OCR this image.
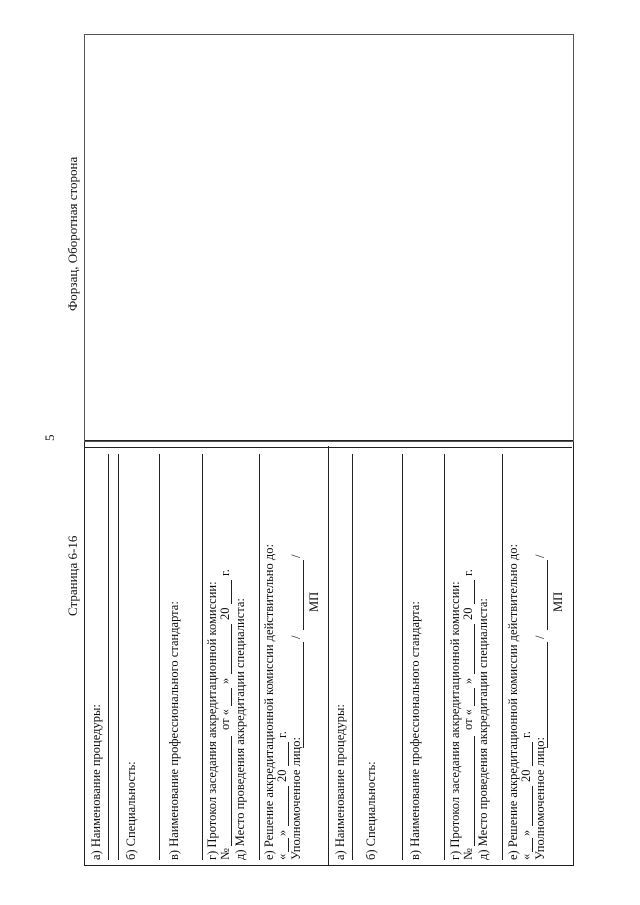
5
Страница 6-16
Форзац, Оборотная сторона
а) Наименование процедуры: б) Специальность: в) Наименование профессионального стандарта: г) Протокол заседания аккредитационной комиссии: №
от «
»
20
г.
д) Место проведения аккредитации специалиста: е) Решение аккредитационной комиссии действительно до: «
»
20
г.
Уполномоченное лицо:
/
/
МП
а) Наименование процедуры: б) Специальность: в) Наименование профессионального стандарта: г) Протокол заседания аккредитационной комиссии: №
от «
»
20
г.
д) Место проведения аккредитации специалиста: е) Решение аккредитационной комиссии действительно до: «
»
20
г.
Уполномоченное лицо:
/
/
МП
